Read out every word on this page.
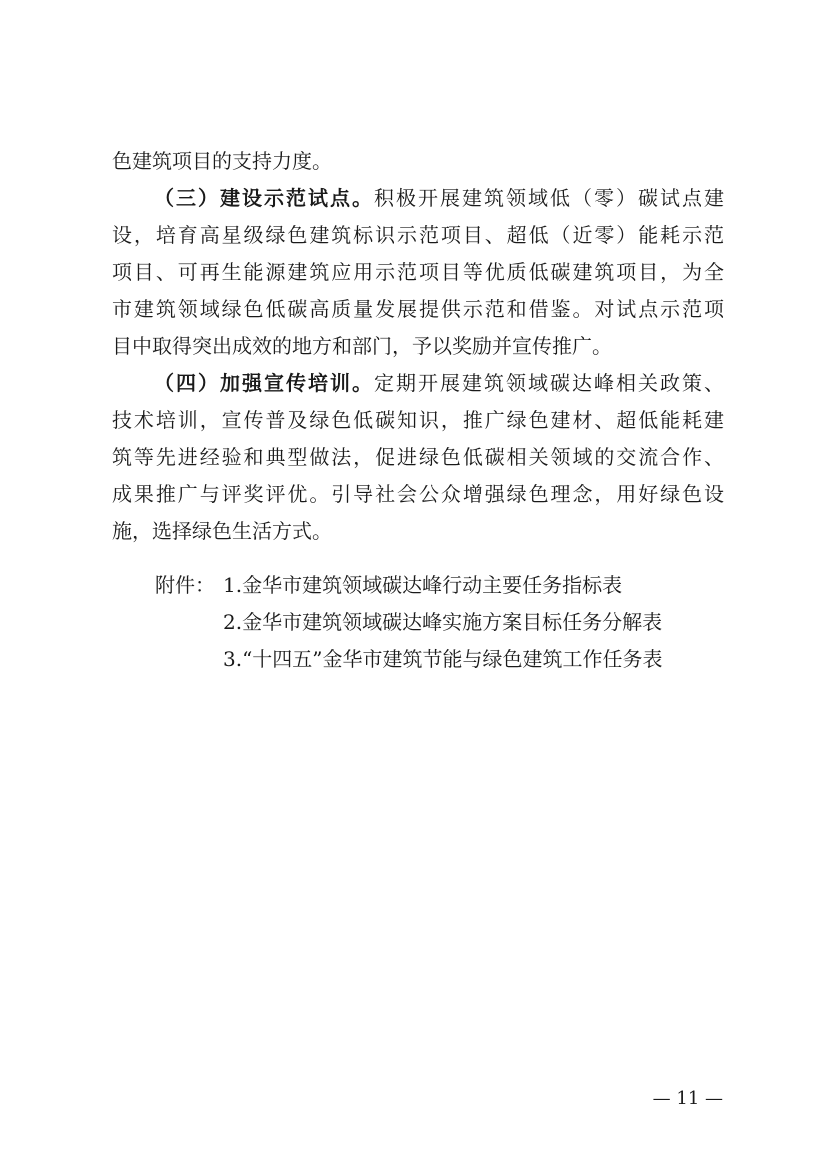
色建筑项目的支持力度。
（三）建设示范试点。积极开展建筑领域低（零）碳试点建
设，培育高星级绿色建筑标识示范项目、超低（近零）能耗示范
项目、可再生能源建筑应用示范项目等优质低碳建筑项目，为全
市建筑领域绿色低碳高质量发展提供示范和借鉴。对试点示范项
目中取得突出成效的地方和部门，予以奖励并宣传推广。
（四）加强宣传培训。定期开展建筑领域碳达峰相关政策、
技术培训，宣传普及绿色低碳知识，推广绿色建材、超低能耗建
筑等先进经验和典型做法，促进绿色低碳相关领域的交流合作、
成果推广与评奖评优。引导社会公众增强绿色理念，用好绿色设
施，选择绿色生活方式。
附件： 1.金华市建筑领域碳达峰行动主要任务指标表
2.金华市建筑领域碳达峰实施方案目标任务分解表
3.“十四五”金华市建筑节能与绿色建筑工作任务表
— 11 —
